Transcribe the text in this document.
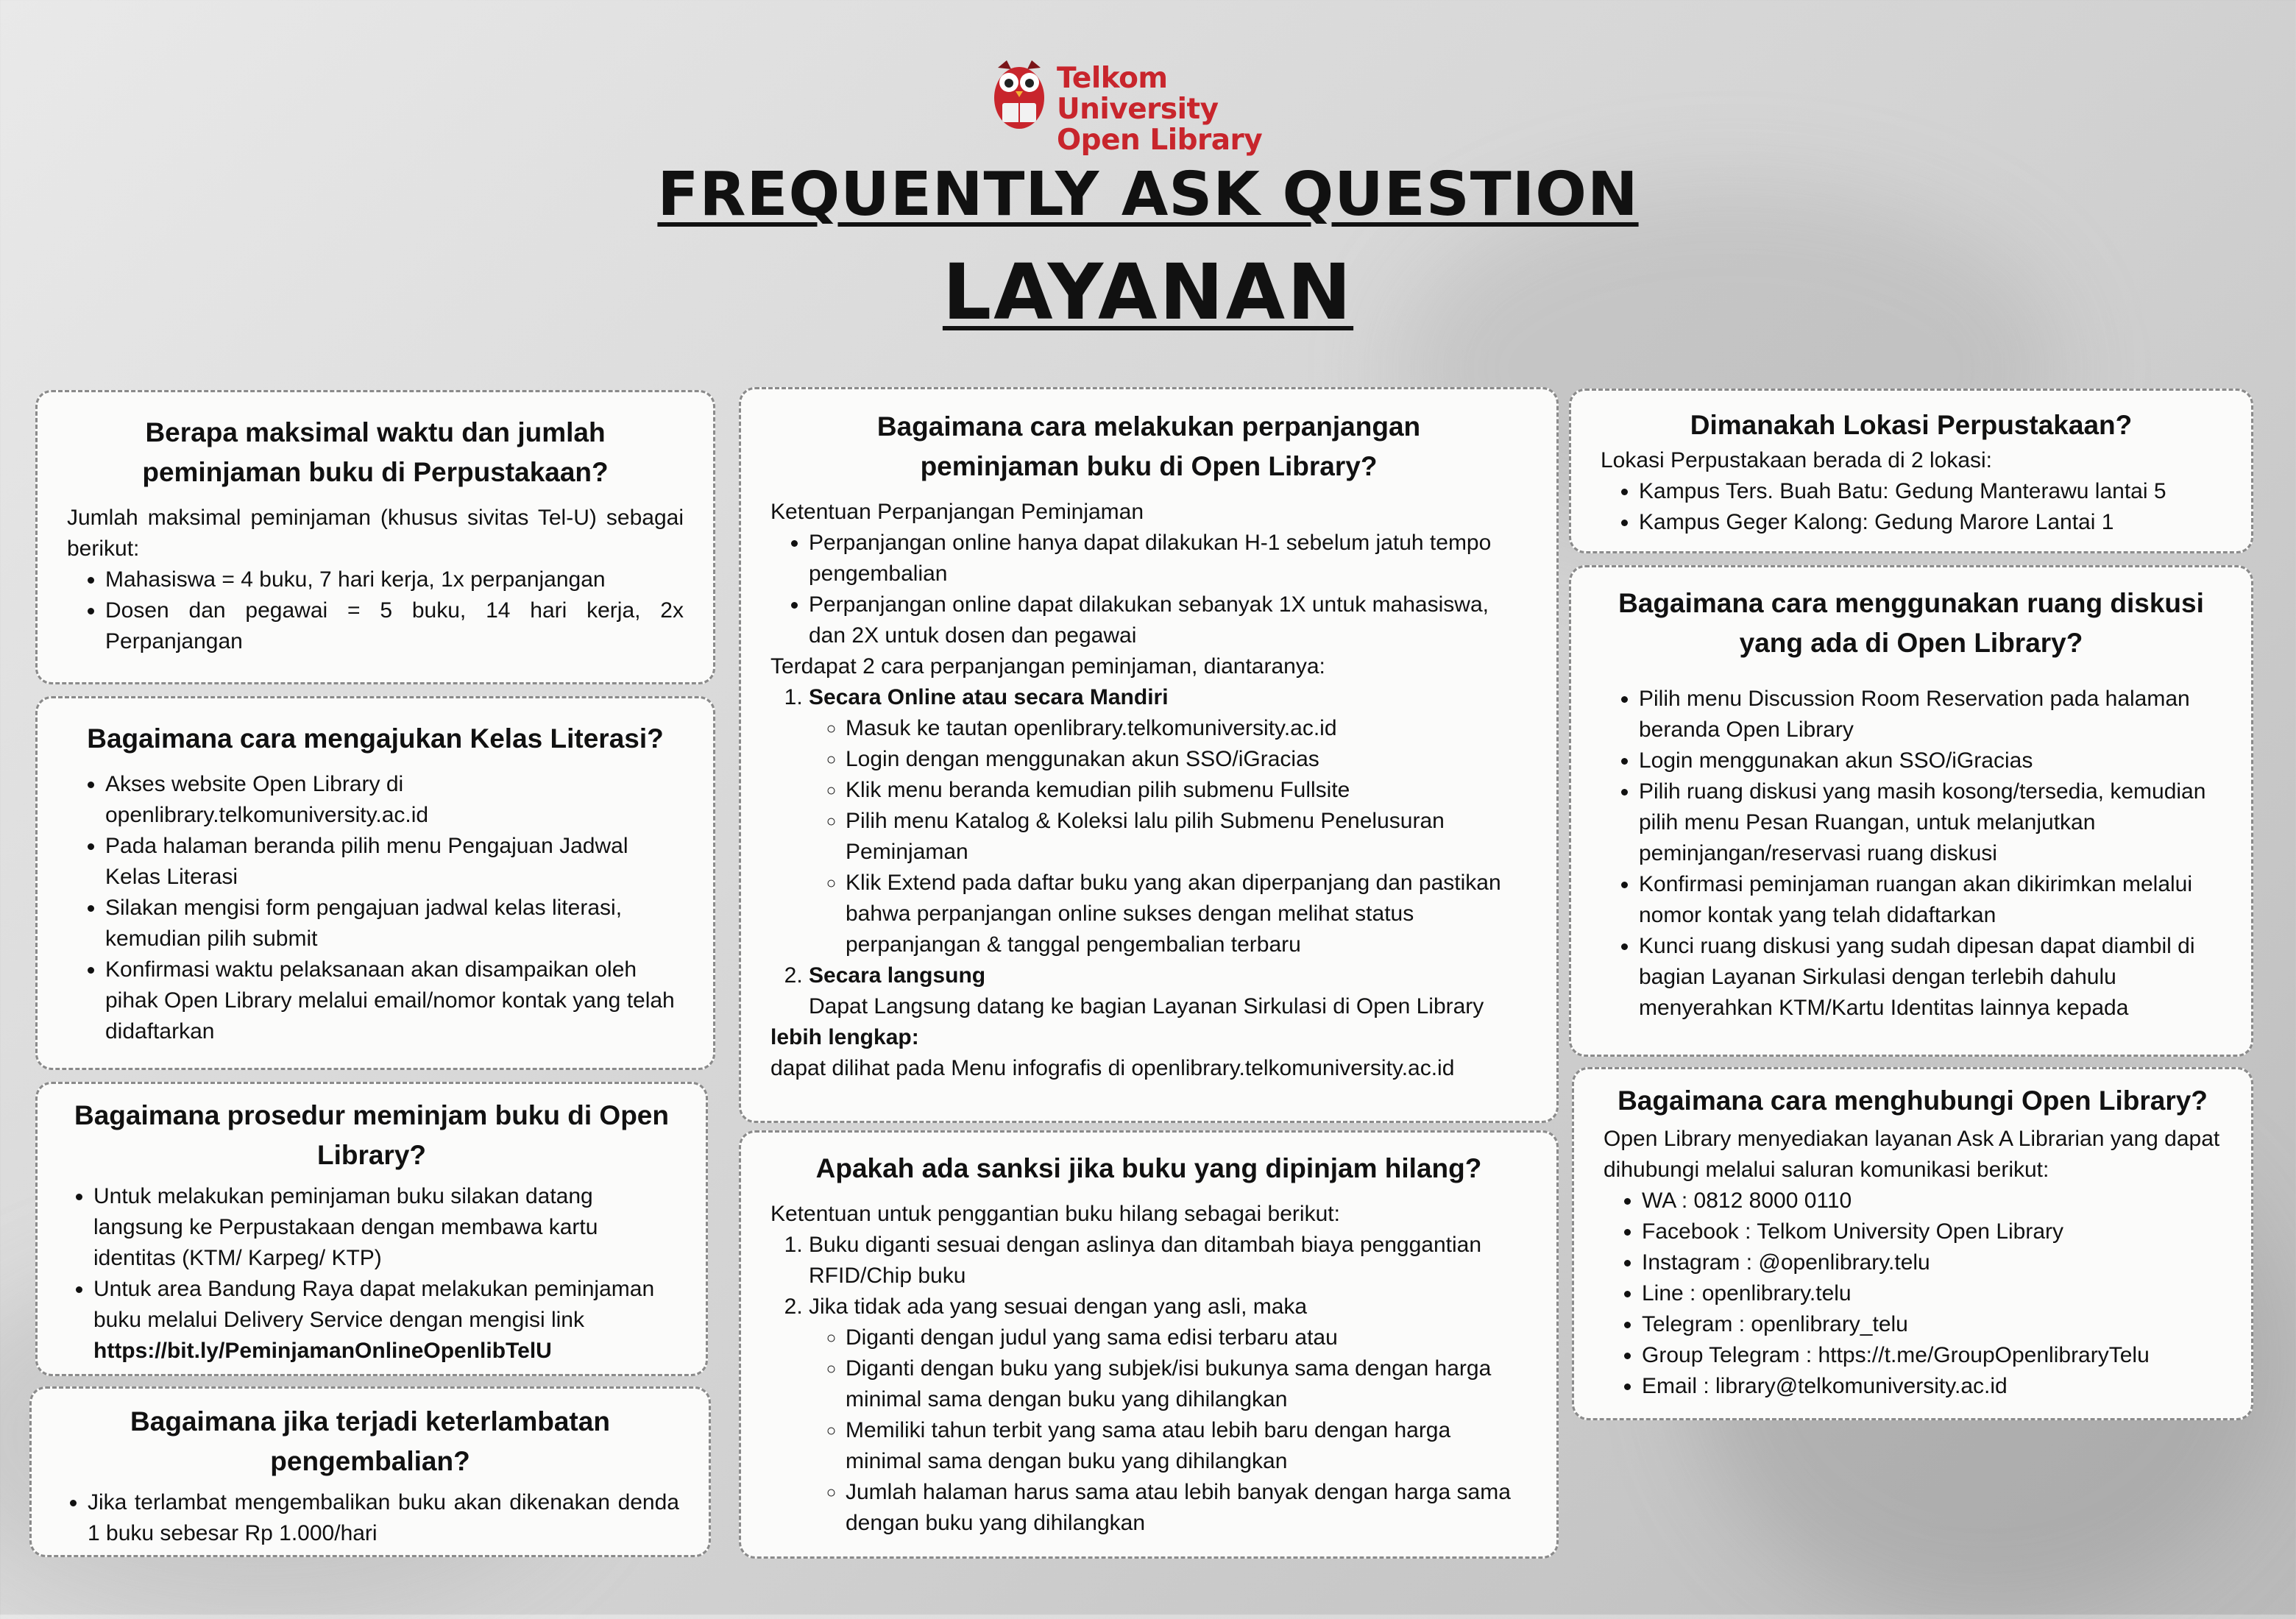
Telkom University
Open Library
FREQUENTLY ASK QUESTION
LAYANAN
Berapa maksimal waktu dan jumlah peminjaman buku di Perpustakaan?

Jumlah maksimal peminjaman (khusus sivitas Tel-U) sebagai berikut:

• Mahasiswa = 4 buku, 7 hari kerja, 1x perpanjangan
• Dosen dan pegawai = 5 buku, 14 hari kerja, 2x Perpanjangan
Bagaimana cara mengajukan Kelas Literasi?
• Akses website Open Library di openlibrary.telkomuniversity.ac.id
• Pada halaman beranda pilih menu Pengajuan Jadwal Kelas Literasi
• Silakan mengisi form pengajuan jadwal kelas literasi, kemudian pilih submit
• Konfirmasi waktu pelaksanaan akan disampaikan oleh pihak Open Library melalui email/nomor kontak yang telah didaftarkan
Bagaimana prosedur meminjam buku di Open Library?
• Untuk melakukan peminjaman buku silakan datang langsung ke Perpustakaan dengan membawa kartu identitas (KTM/ Karpeg/ KTP)
• Untuk area Bandung Raya dapat melakukan peminjaman buku melalui Delivery Service dengan mengisi link https://bit.ly/PeminjamanOnlineOpenlibTelU
Bagaimana jika terjadi keterlambatan pengembalian?
• Jika terlambat mengembalikan buku akan dikenakan denda 1 buku sebesar Rp 1.000/hari
Bagaimana cara melakukan perpanjangan peminjaman buku di Open Library?

Ketentuan Perpanjangan Peminjaman

• Perpanjangan online hanya dapat dilakukan H-1 sebelum jatuh tempo pengembalian
• Perpanjangan online dapat dilakukan sebanyak 1X untuk mahasiswa, dan 2X untuk dosen dan pegawai

Terdapat 2 cara perpanjangan peminjaman, diantaranya:

1. Secara Online atau secara Mandiri
◦ Masuk ke tautan openlibrary.telkomuniversity.ac.id
◦ Login dengan menggunakan akun SSO/iGracias
◦ Klik menu beranda kemudian pilih submenu Fullsite
◦ Pilih menu Katalog & Koleksi lalu pilih Submenu Penelusuran Peminjaman
◦ Klik Extend pada daftar buku yang akan diperpanjang dan pastikan bahwa perpanjangan online sukses dengan melihat status perpanjangan & tanggal pengembalian terbaru
2. Secara langsung
Dapat Langsung datang ke bagian Layanan Sirkulasi di Open Library

lebih lengkap:

dapat dilihat pada Menu infografis di openlibrary.telkomuniversity.ac.id

Apakah ada sanksi jika buku yang dipinjam hilang?

Ketentuan untuk penggantian buku hilang sebagai berikut:

1. Buku diganti sesuai dengan aslinya dan ditambah biaya penggantian RFID/Chip buku
2. Jika tidak ada yang sesuai dengan yang asli, maka
◦ Diganti dengan judul yang sama edisi terbaru atau
◦ Diganti dengan buku yang subjek/isi bukunya sama dengan harga minimal sama dengan buku yang dihilangkan
◦ Memiliki tahun terbit yang sama atau lebih baru dengan harga minimal sama dengan buku yang dihilangkan
◦ Jumlah halaman harus sama atau lebih banyak dengan harga sama dengan buku yang dihilangkan
Dimanakah Lokasi Perpustakaan?

Lokasi Perpustakaan berada di 2 lokasi:

• Kampus Ters. Buah Batu: Gedung Manterawu lantai 5
• Kampus Geger Kalong: Gedung Marore Lantai 1
Bagaimana cara menggunakan ruang diskusi yang ada di Open Library?
• Pilih menu Discussion Room Reservation pada halaman beranda Open Library
• Login menggunakan akun SSO/iGracias
• Pilih ruang diskusi yang masih kosong/tersedia, kemudian pilih menu Pesan Ruangan, untuk melanjutkan peminjangan/reservasi ruang diskusi
• Konfirmasi peminjaman ruangan akan dikirimkan melalui nomor kontak yang telah didaftarkan
• Kunci ruang diskusi yang sudah dipesan dapat diambil di bagian Layanan Sirkulasi dengan terlebih dahulu menyerahkan KTM/Kartu Identitas lainnya kepada
Bagaimana cara menghubungi Open Library?

Open Library menyediakan layanan Ask A Librarian yang dapat dihubungi melalui saluran komunikasi berikut:

• WA : 0812 8000 0110
• Facebook : Telkom University Open Library
• Instagram : @openlibrary.telu
• Line : openlibrary.telu
• Telegram : openlibrary_telu
• Group Telegram : https://t.me/GroupOpenlibraryTelu
• Email : library@telkomuniversity.ac.id
